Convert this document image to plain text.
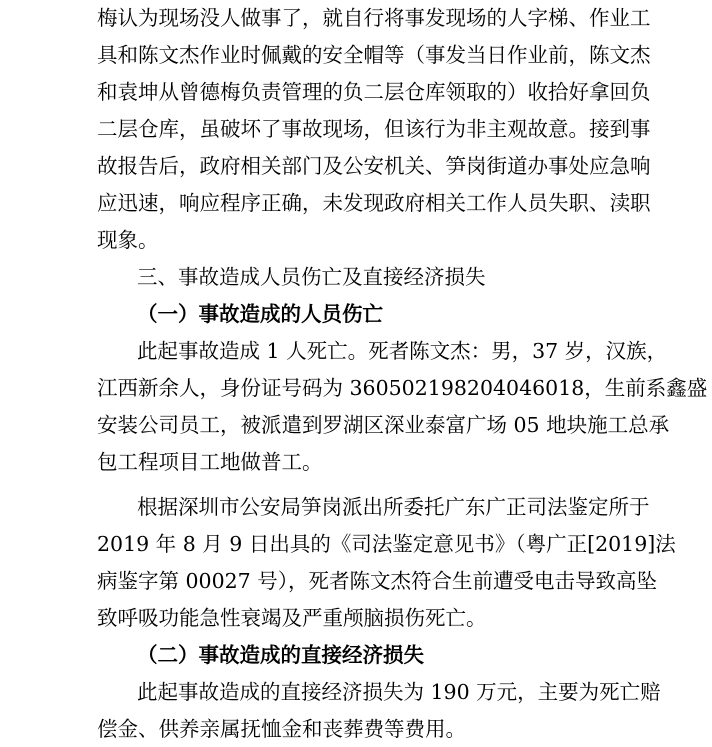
梅认为现场没人做事了，就自行将事发现场的人字梯、作业工
具和陈文杰作业时佩戴的安全帽等（事发当日作业前，陈文杰
和袁坤从曾德梅负责管理的负二层仓库领取的）收拾好拿回负
二层仓库，虽破坏了事故现场，但该行为非主观故意。接到事
故报告后，政府相关部门及公安机关、笋岗街道办事处应急响
应迅速，响应程序正确，未发现政府相关工作人员失职、渎职
现象。
三、事故造成人员伤亡及直接经济损失
（一）事故造成的人员伤亡
此起事故造成 1 人死亡。死者陈文杰：男，37 岁，汉族，
江西新余人，身份证号码为 360502198204046018，生前系鑫盛
安装公司员工，被派遣到罗湖区深业泰富广场 05 地块施工总承
包工程项目工地做普工。
根据深圳市公安局笋岗派出所委托广东广正司法鉴定所于
2019 年 8 月 9 日出具的《司法鉴定意见书》（粤广正[2019]法
病鉴字第 00027 号），死者陈文杰符合生前遭受电击导致高坠
致呼吸功能急性衰竭及严重颅脑损伤死亡。
（二）事故造成的直接经济损失
此起事故造成的直接经济损失为 190 万元，主要为死亡赔
偿金、供养亲属抚恤金和丧葬费等费用。
